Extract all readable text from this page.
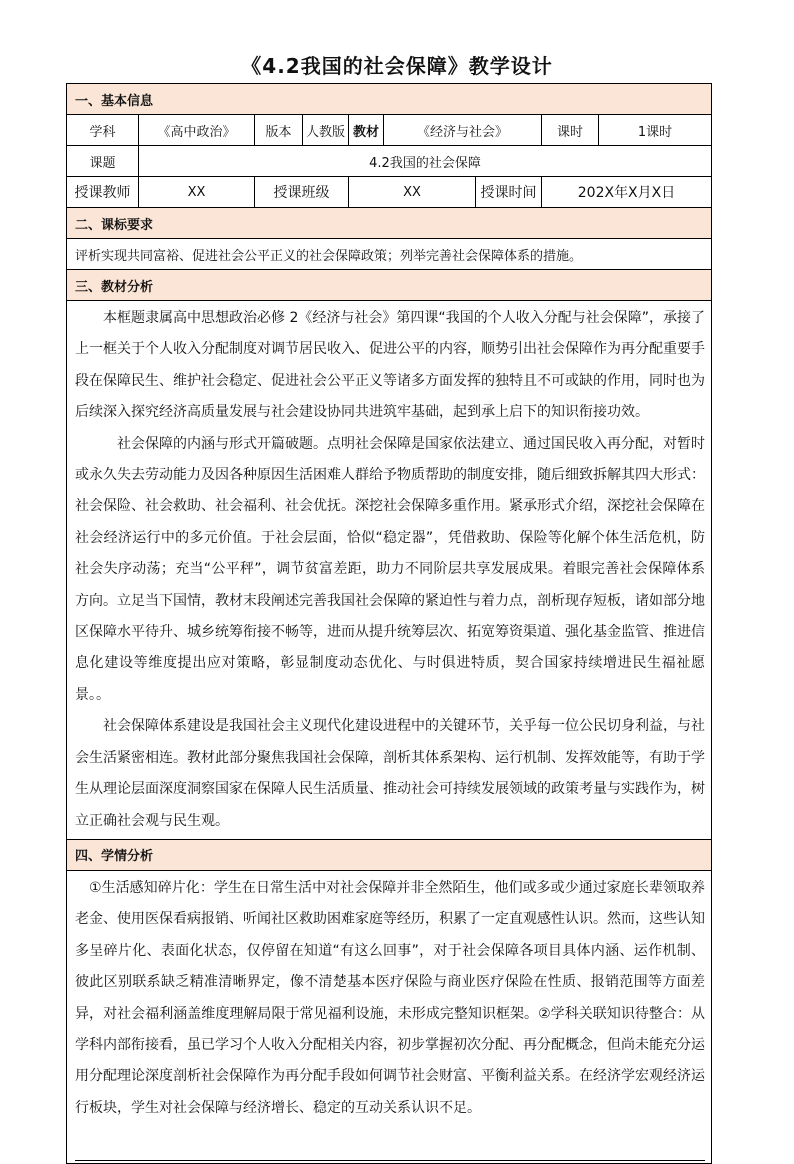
《4.2我国的社会保障》教学设计
一、基本信息								
学科	《高中政治》	版本	人教版	教材	《经济与社会》		课时	1课时
课题	4.2我国的社会保障							
授课教师	XX	授课班级		XX		授课时间	202X年X月X日	
二、课标要求								
评析实现共同富裕、促进社会公平正义的社会保障政策；列举完善社会保障体系的措施。								
三、教材分析								

本框题隶属高中思想政治必修 2《经济与社会》第四课“我国的个人收入分配与社会保障”，承接了上一框关于个人收入分配制度对调节居民收入、促进公平的内容，顺势引出社会保障作为再分配重要手段在保障民生、维护社会稳定、促进社会公平正义等诸多方面发挥的独特且不可或缺的作用，同时也为后续深入探究经济高质量发展与社会建设协同共进筑牢基础，起到承上启下的知识衔接功效。

社会保障的内涵与形式开篇破题。点明社会保障是国家依法建立、通过国民收入再分配，对暂时或永久失去劳动能力及因各种原因生活困难人群给予物质帮助的制度安排，随后细致拆解其四大形式：社会保险、社会救助、社会福利、社会优抚。深挖社会保障多重作用。紧承形式介绍，深挖社会保障在社会经济运行中的多元价值。于社会层面，恰似“稳定器”，凭借救助、保险等化解个体生活危机，防社会失序动荡；充当“公平秤”，调节贫富差距，助力不同阶层共享发展成果。着眼完善社会保障体系方向。立足当下国情，教材末段阐述完善我国社会保障的紧迫性与着力点，剖析现存短板，诸如部分地区保障水平待升、城乡统筹衔接不畅等，进而从提升统筹层次、拓宽筹资渠道、强化基金监管、推进信息化建设等维度提出应对策略，彰显制度动态优化、与时俱进特质，契合国家持续增进民生福祉愿景。。

社会保障体系建设是我国社会主义现代化建设进程中的关键环节，关乎每一位公民切身利益，与社会生活紧密相连。教材此部分聚焦我国社会保障，剖析其体系架构、运行机制、发挥效能等，有助于学生从理论层面深度洞察国家在保障人民生活质量、推动社会可持续发展领域的政策考量与实践作为，树立正确社会观与民生观。								

四、学情分析								

①生活感知碎片化：学生在日常生活中对社会保障并非全然陌生，他们或多或少通过家庭长辈领取养老金、使用医保看病报销、听闻社区救助困难家庭等经历，积累了一定直观感性认识。然而，这些认知多呈碎片化、表面化状态，仅停留在知道“有这么回事”，对于社会保障各项目具体内涵、运作机制、彼此区别联系缺乏精准清晰界定，像不清楚基本医疗保险与商业医疗保险在性质、报销范围等方面差异，对社会福利涵盖维度理解局限于常见福利设施，未形成完整知识框架。②学科关联知识待整合：从学科内部衔接看，虽已学习个人收入分配相关内容，初步掌握初次分配、再分配概念，但尚未能充分运用分配理论深度剖析社会保障作为再分配手段如何调节社会财富、平衡利益关系。在经济学宏观经济运行板块，学生对社会保障与经济增长、稳定的互动关系认识不足。								
